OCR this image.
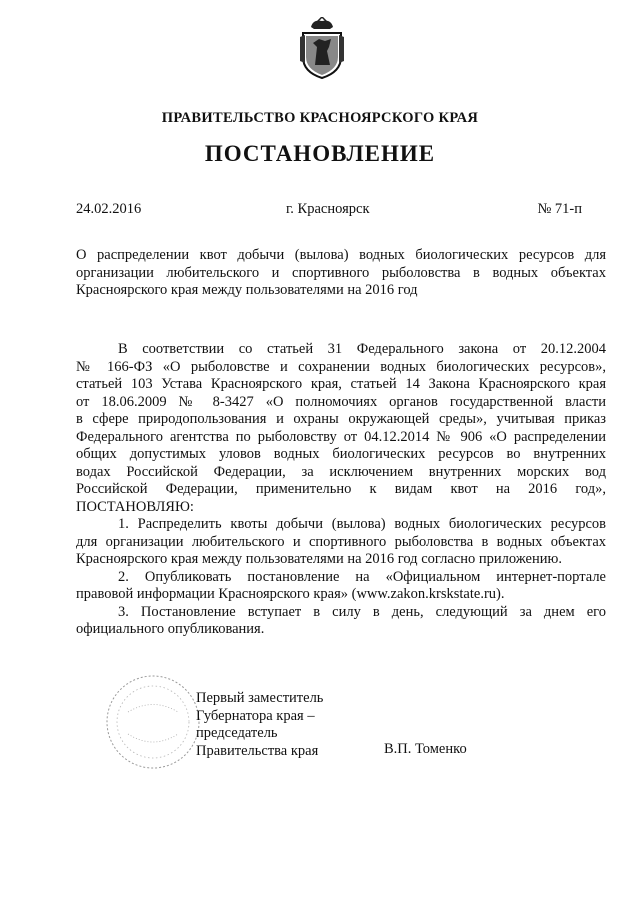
ПРАВИТЕЛЬСТВО КРАСНОЯРСКОГО КРАЯ
ПОСТАНОВЛЕНИЕ
24.02.2016	г. Красноярск	№ 71-п
О распределении квот добычи (вылова) водных биологических ресурсов для
организации любительского и спортивного рыболовства в водных объектах
Красноярского края между пользователями на 2016 год
В соответствии со статьей 31 Федерального закона от 20.12.2004
№ 166-ФЗ «О рыболовстве и сохранении водных биологических ресурсов»,
статьей 103 Устава Красноярского края, статьей 14 Закона Красноярского края
от 18.06.2009 № 8-3427 «О полномочиях органов государственной власти
в сфере природопользования и охраны окружающей среды», учитывая приказ
Федерального агентства по рыболовству от 04.12.2014 № 906 «О распределении
общих допустимых уловов водных биологических ресурсов во внутренних
водах Российской Федерации, за исключением внутренних морских вод
Российской Федерации, применительно к видам квот на 2016 год»,
ПОСТАНОВЛЯЮ:
1. Распределить квоты добычи (вылова) водных биологических ресурсов
для организации любительского и спортивного рыболовства в водных объектах
Красноярского края между пользователями на 2016 год согласно приложению.
2. Опубликовать постановление на «Официальном интернет-портале
правовой информации Красноярского края» (www.zakon.krskstate.ru).
3. Постановление вступает в силу в день, следующий за днем его
официального опубликования.
Первый заместитель
Губернатора края –
председатель
Правительства края	В.П. Томенко
